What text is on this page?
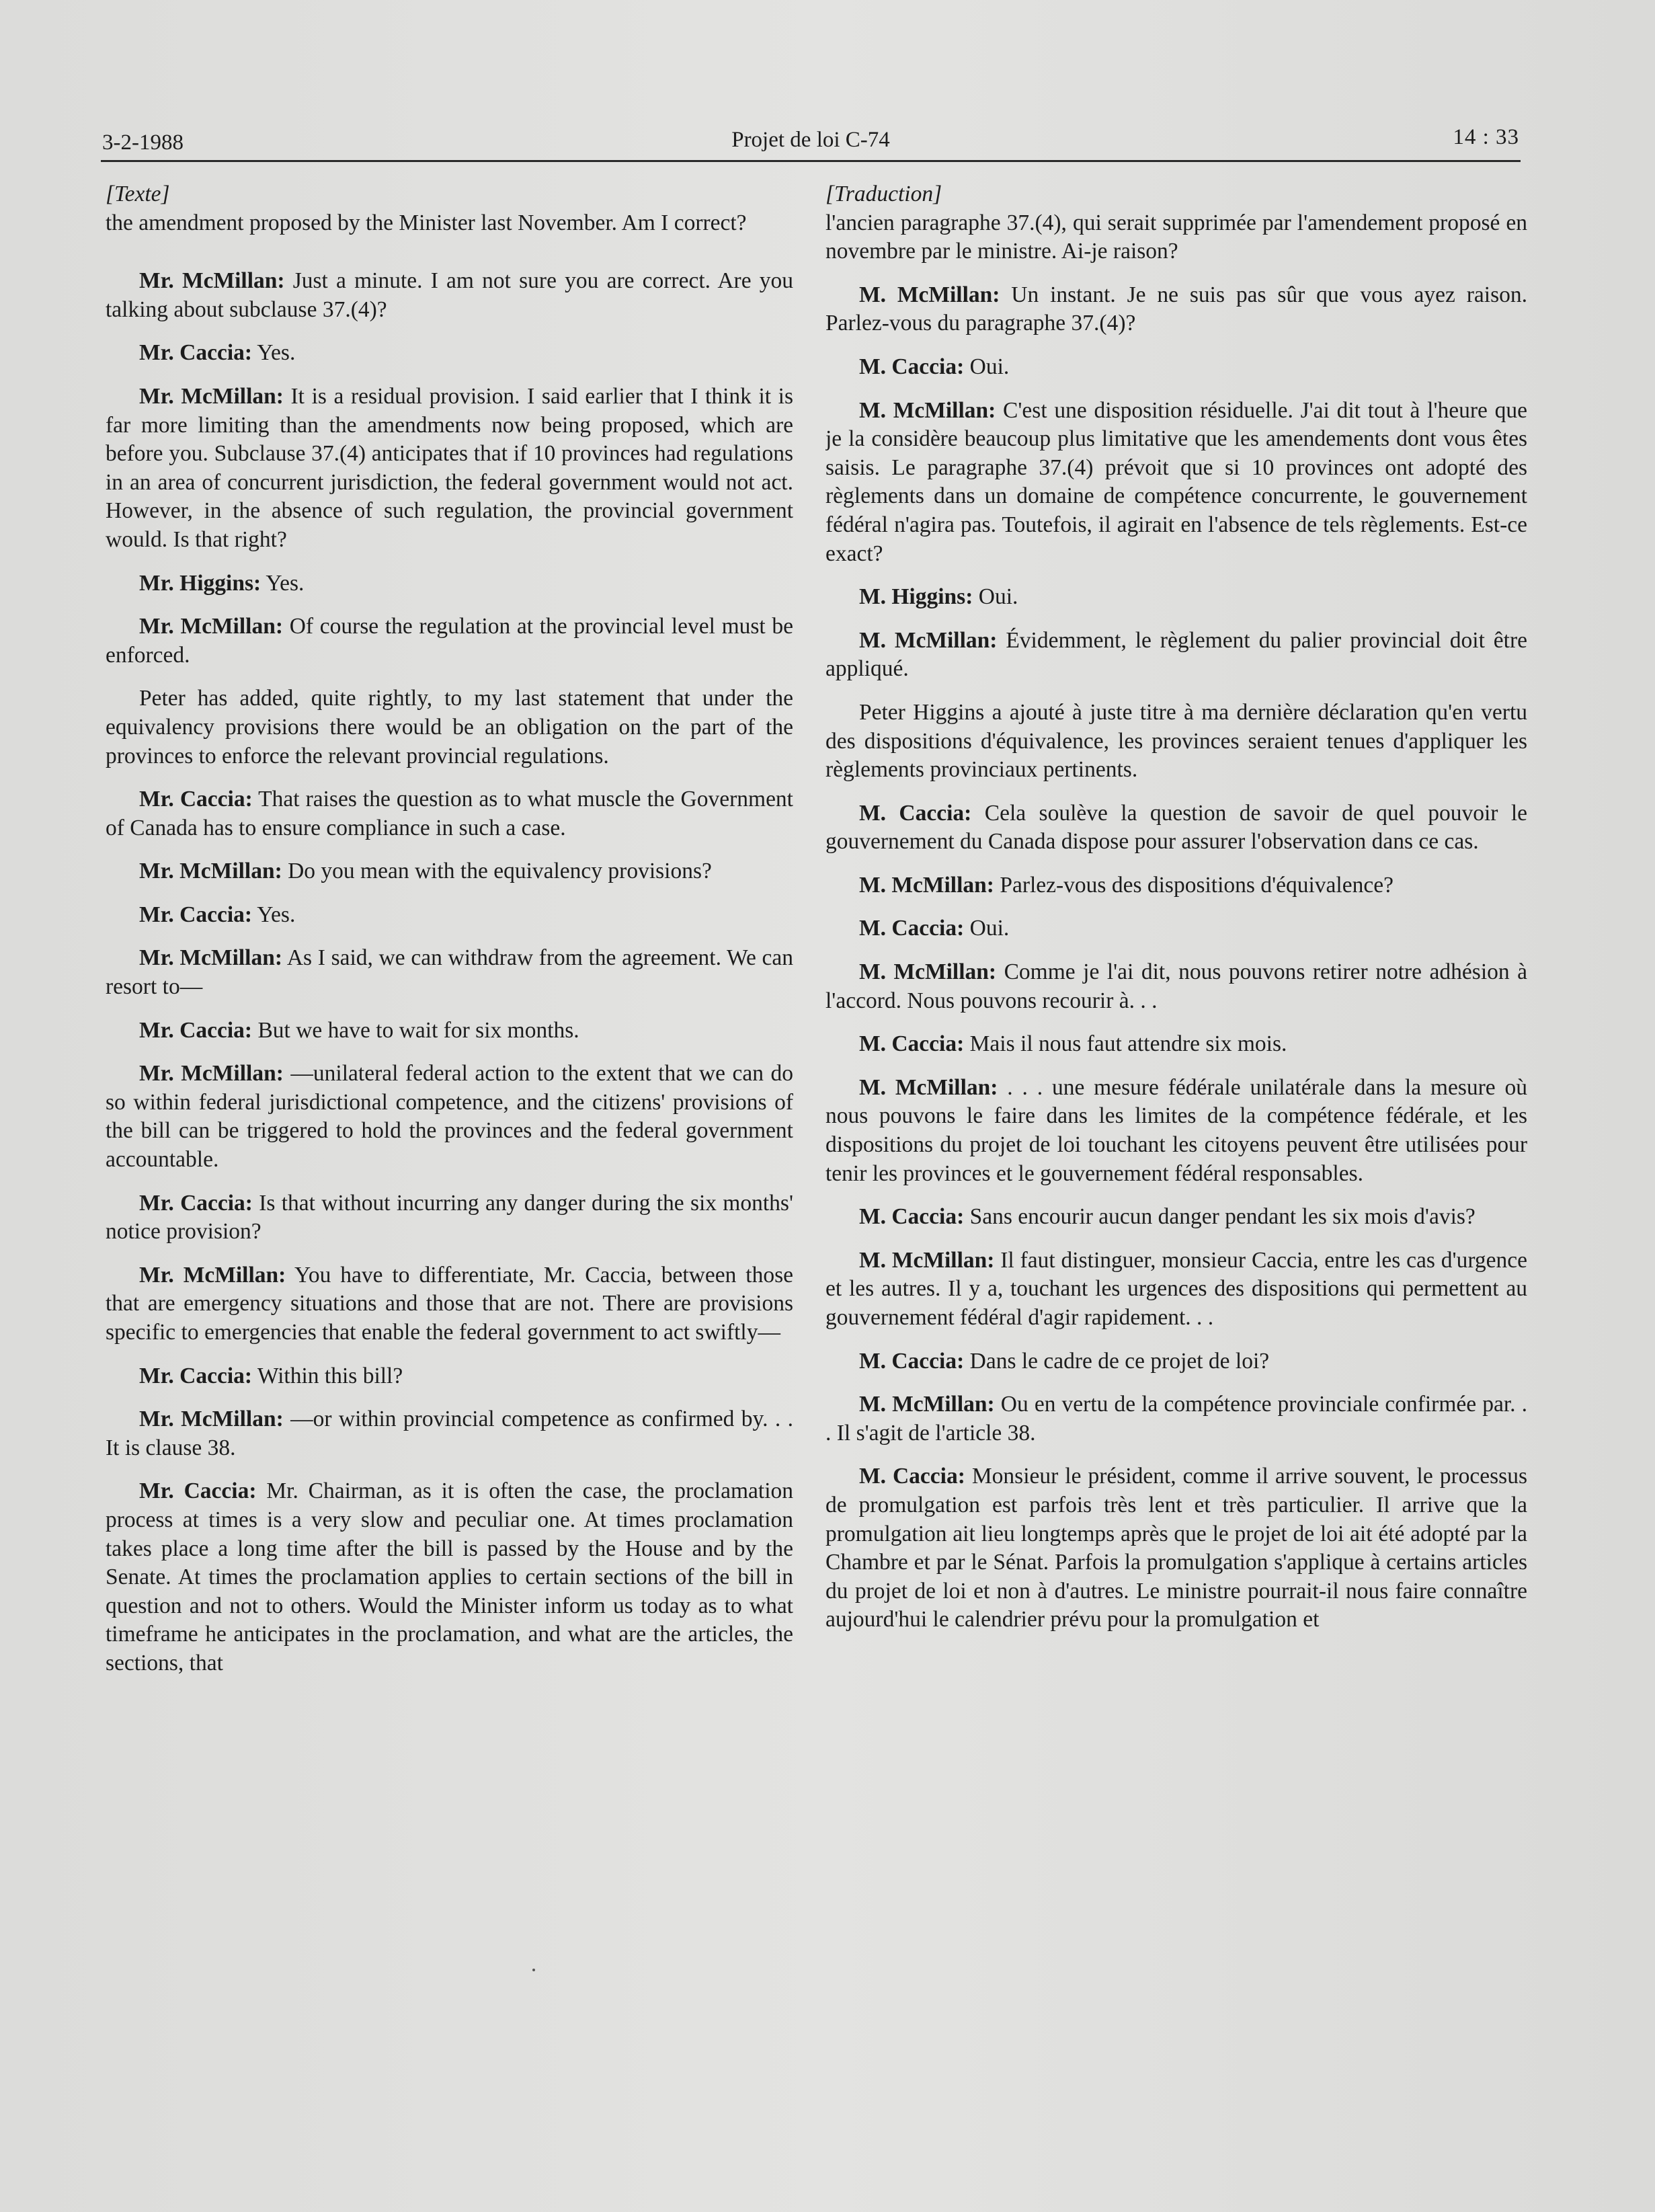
3-2-1988	Projet de loi C-74	14 : 33
[Texte]

the amendment proposed by the Minister last November. Am I correct?

Mr. McMillan: Just a minute. I am not sure you are correct. Are you talking about subclause 37.(4)?

Mr. Caccia: Yes.

Mr. McMillan: It is a residual provision. I said earlier that I think it is far more limiting than the amendments now being proposed, which are before you. Subclause 37.(4) anticipates that if 10 provinces had regulations in an area of concurrent jurisdiction, the federal government would not act. However, in the absence of such regulation, the provincial government would. Is that right?

Mr. Higgins: Yes.

Mr. McMillan: Of course the regulation at the provincial level must be enforced.

Peter has added, quite rightly, to my last statement that under the equivalency provisions there would be an obligation on the part of the provinces to enforce the relevant provincial regulations.

Mr. Caccia: That raises the question as to what muscle the Government of Canada has to ensure compliance in such a case.

Mr. McMillan: Do you mean with the equivalency provisions?

Mr. Caccia: Yes.

Mr. McMillan: As I said, we can withdraw from the agreement. We can resort to—

Mr. Caccia: But we have to wait for six months.

Mr. McMillan: —unilateral federal action to the extent that we can do so within federal jurisdictional competence, and the citizens' provisions of the bill can be triggered to hold the provinces and the federal government accountable.

Mr. Caccia: Is that without incurring any danger during the six months' notice provision?

Mr. McMillan: You have to differentiate, Mr. Caccia, between those that are emergency situations and those that are not. There are provisions specific to emergencies that enable the federal government to act swiftly—

Mr. Caccia: Within this bill?

Mr. McMillan: —or within provincial competence as confirmed by. . . It is clause 38.

Mr. Caccia: Mr. Chairman, as it is often the case, the proclamation process at times is a very slow and peculiar one. At times proclamation takes place a long time after the bill is passed by the House and by the Senate. At times the proclamation applies to certain sections of the bill in question and not to others. Would the Minister inform us today as to what timeframe he anticipates in the proclamation, and what are the articles, the sections, that

[Traduction]

l'ancien paragraphe 37.(4), qui serait supprimée par l'amendement proposé en novembre par le ministre. Ai-je raison?

M. McMillan: Un instant. Je ne suis pas sûr que vous ayez raison. Parlez-vous du paragraphe 37.(4)?

M. Caccia: Oui.

M. McMillan: C'est une disposition résiduelle. J'ai dit tout à l'heure que je la considère beaucoup plus limitative que les amendements dont vous êtes saisis. Le paragraphe 37.(4) prévoit que si 10 provinces ont adopté des règlements dans un domaine de compétence concurrente, le gouvernement fédéral n'agira pas. Toutefois, il agirait en l'absence de tels règlements. Est-ce exact?

M. Higgins: Oui.

M. McMillan: Évidemment, le règlement du palier provincial doit être appliqué.

Peter Higgins a ajouté à juste titre à ma dernière déclaration qu'en vertu des dispositions d'équivalence, les provinces seraient tenues d'appliquer les règlements provinciaux pertinents.

M. Caccia: Cela soulève la question de savoir de quel pouvoir le gouvernement du Canada dispose pour assurer l'observation dans ce cas.

M. McMillan: Parlez-vous des dispositions d'équivalence?

M. Caccia: Oui.

M. McMillan: Comme je l'ai dit, nous pouvons retirer notre adhésion à l'accord. Nous pouvons recourir à. . .

M. Caccia: Mais il nous faut attendre six mois.

M. McMillan: . . . une mesure fédérale unilatérale dans la mesure où nous pouvons le faire dans les limites de la compétence fédérale, et les dispositions du projet de loi touchant les citoyens peuvent être utilisées pour tenir les provinces et le gouvernement fédéral responsables.

M. Caccia: Sans encourir aucun danger pendant les six mois d'avis?

M. McMillan: Il faut distinguer, monsieur Caccia, entre les cas d'urgence et les autres. Il y a, touchant les urgences des dispositions qui permettent au gouvernement fédéral d'agir rapidement. . .

M. Caccia: Dans le cadre de ce projet de loi?

M. McMillan: Ou en vertu de la compétence provinciale confirmée par. . . Il s'agit de l'article 38.

M. Caccia: Monsieur le président, comme il arrive souvent, le processus de promulgation est parfois très lent et très particulier. Il arrive que la promulgation ait lieu longtemps après que le projet de loi ait été adopté par la Chambre et par le Sénat. Parfois la promulgation s'applique à certains articles du projet de loi et non à d'autres. Le ministre pourrait-il nous faire connaître aujourd'hui le calendrier prévu pour la promulgation et
